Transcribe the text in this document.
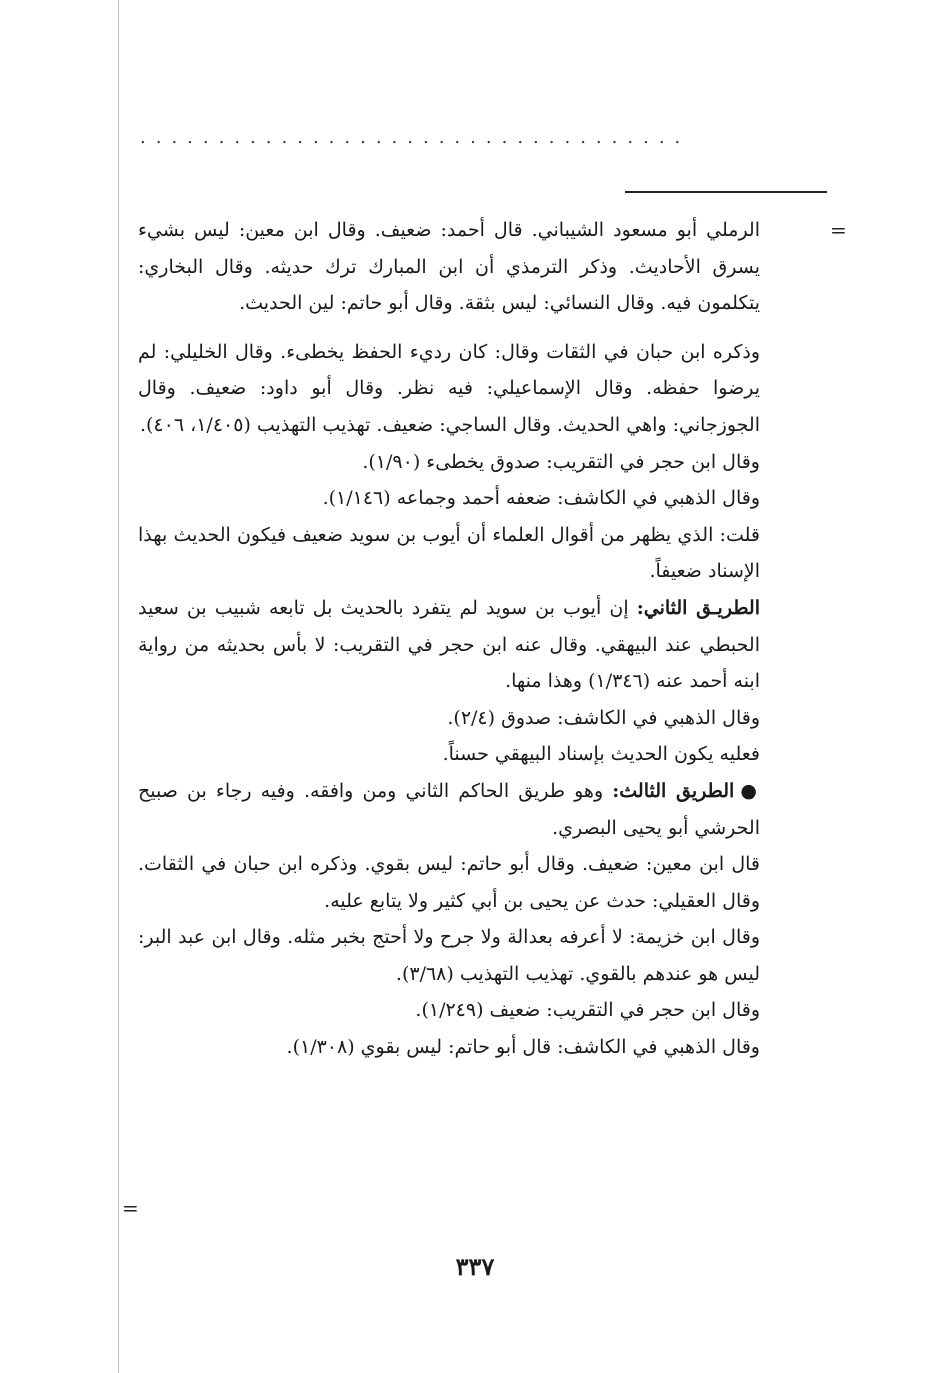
...................................
=

الرملي أبو مسعود الشيباني. قال أحمد: ضعيف. وقال ابن معين: ليس بشيء يسرق الأحاديث. وذكر الترمذي أن ابن المبارك ترك حديثه. وقال البخاري: يتكلمون فيه. وقال النسائي: ليس بثقة. وقال أبو حاتم: لين الحديث.

وذكره ابن حبان في الثقات وقال: كان رديء الحفظ يخطىء. وقال الخليلي: لم يرضوا حفظه. وقال الإسماعيلي: فيه نظر. وقال أبو داود: ضعيف. وقال الجوزجاني: واهي الحديث. وقال الساجي: ضعيف. تهذيب التهذيب (١/٤٠٥، ٤٠٦).

وقال ابن حجر في التقريب: صدوق يخطىء (١/٩٠).

وقال الذهبي في الكاشف: ضعفه أحمد وجماعه (١/١٤٦).

قلت: الذي يظهر من أقوال العلماء أن أيوب بن سويد ضعيف فيكون الحديث بهذا الإسناد ضعيفاً.

الطريـق الثاني: إن أيوب بن سويد لم يتفرد بالحديث بل تابعه شبيب بن سعيد الحبطي عند البيهقي. وقال عنه ابن حجر في التقريب: لا بأس بحديثه من رواية ابنه أحمد عنه (١/٣٤٦) وهذا منها.

وقال الذهبي في الكاشف: صدوق (٢/٤).

فعليه يكون الحديث بإسناد البيهقي حسناً.

●الطريق الثالث: وهو طريق الحاكم الثاني ومن وافقه. وفيه رجاء بن صبيح الحرشي أبو يحيى البصري.

قال ابن معين: ضعيف. وقال أبو حاتم: ليس بقوي. وذكره ابن حبان في الثقات. وقال العقيلي: حدث عن يحيى بن أبي كثير ولا يتابع عليه.

وقال ابن خزيمة: لا أعرفه بعدالة ولا جرح ولا أحتج بخبر مثله. وقال ابن عبد البر: ليس هو عندهم بالقوي. تهذيب التهذيب (٣/٦٨).

وقال ابن حجر في التقريب: ضعيف (١/٢٤٩).

وقال الذهبي في الكاشف: قال أبو حاتم: ليس بقوي (١/٣٠٨).

=
٣٣٧
